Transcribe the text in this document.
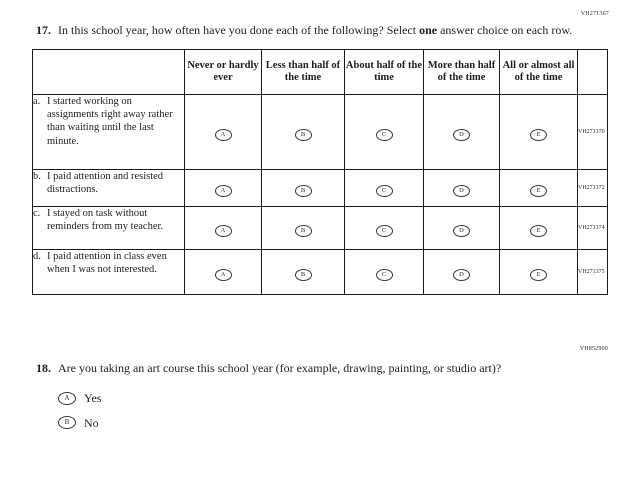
VH271367
17. In this school year, how often have you done each of the following? Select one answer choice on each row.

	Never or hardly ever	Less than half of the time	About half of the time	More than half of the time	All or almost all of the time	

a. I started working on assignments right away rather than waiting until the last minute.	A	B	C	D	E	VH271370

b. I paid attention and resisted distractions.	A	B	C	D	E	VH271372

c. I stayed on task without reminders from my teacher.	A	B	C	D	E	VH271374

d. I paid attention in class even when I was not interested.	A	B	C	D	E	VH271375
VH852900
18. Are you taking an art course this school year (for example, drawing, painting, or studio art)?

A	Yes
B	No
